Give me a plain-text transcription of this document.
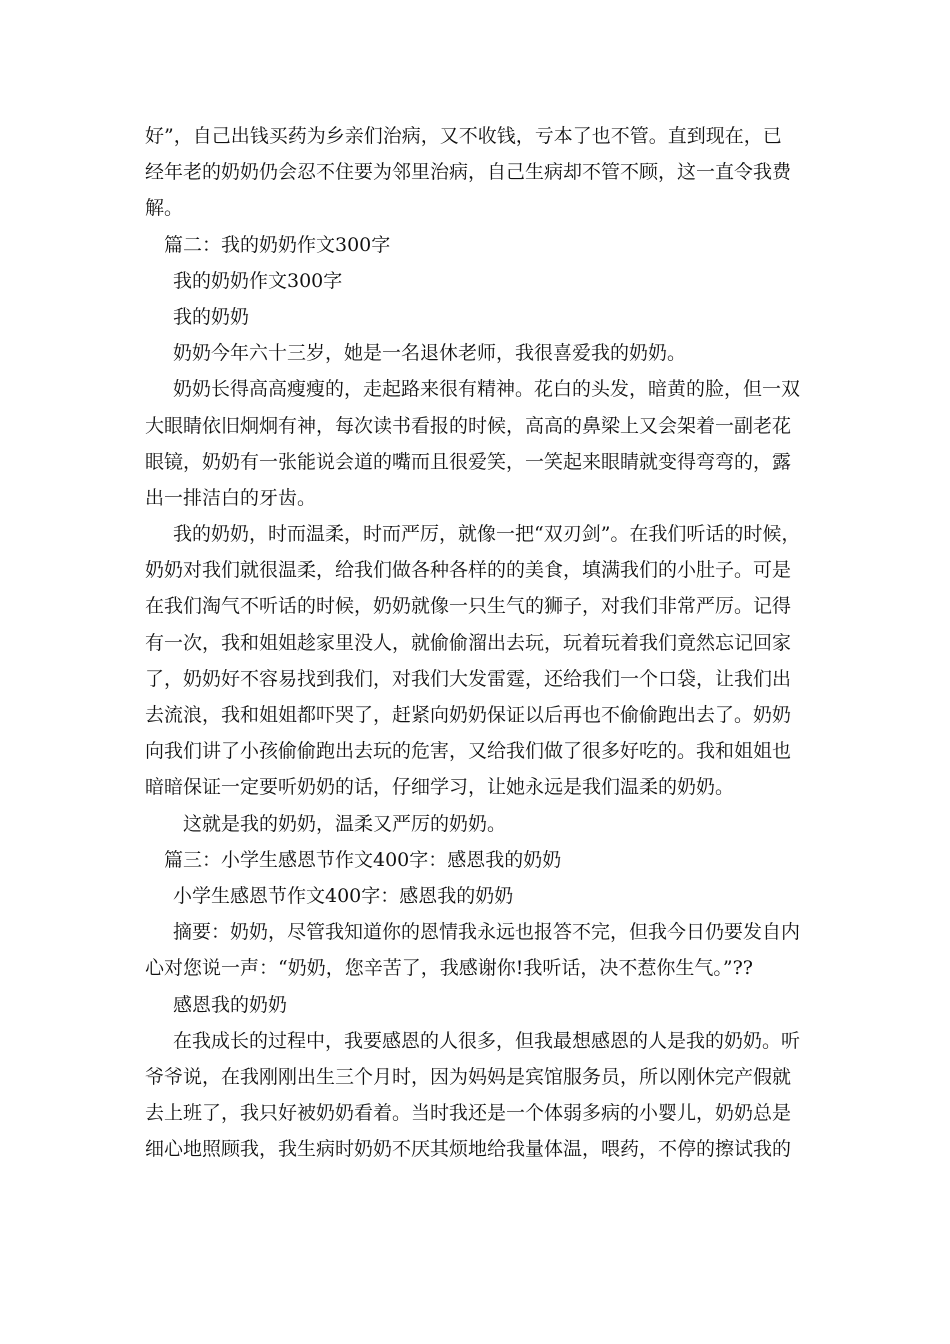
好”，自己出钱买药为乡亲们治病，又不收钱，亏本了也不管。直到现在，已
经年老的奶奶仍会忍不住要为邻里治病，自己生病却不管不顾，这一直令我费
解。
篇二：我的奶奶作文300字
我的奶奶作文300字
我的奶奶
奶奶今年六十三岁，她是一名退休老师，我很喜爱我的奶奶。
奶奶长得高高瘦瘦的，走起路来很有精神。花白的头发，暗黄的脸，但一双
大眼睛依旧炯炯有神，每次读书看报的时候，高高的鼻梁上又会架着一副老花
眼镜，奶奶有一张能说会道的嘴而且很爱笑，一笑起来眼睛就变得弯弯的，露
出一排洁白的牙齿。
我的奶奶，时而温柔，时而严厉，就像一把“双刃剑”。在我们听话的时候，
奶奶对我们就很温柔，给我们做各种各样的的美食，填满我们的小肚子。可是
在我们淘气不听话的时候，奶奶就像一只生气的狮子，对我们非常严厉。记得
有一次，我和姐姐趁家里没人，就偷偷溜出去玩，玩着玩着我们竟然忘记回家
了，奶奶好不容易找到我们，对我们大发雷霆，还给我们一个口袋，让我们出
去流浪，我和姐姐都吓哭了，赶紧向奶奶保证以后再也不偷偷跑出去了。奶奶
向我们讲了小孩偷偷跑出去玩的危害，又给我们做了很多好吃的。我和姐姐也
暗暗保证一定要听奶奶的话，仔细学习，让她永远是我们温柔的奶奶。
这就是我的奶奶，温柔又严厉的奶奶。
篇三：小学生感恩节作文400字：感恩我的奶奶
小学生感恩节作文400字：感恩我的奶奶
摘要：奶奶，尽管我知道你的恩情我永远也报答不完，但我今日仍要发自内
心对您说一声：“奶奶，您辛苦了，我感谢你!我听话，决不惹你生气。”??
感恩我的奶奶
在我成长的过程中，我要感恩的人很多，但我最想感恩的人是我的奶奶。听
爷爷说，在我刚刚出生三个月时，因为妈妈是宾馆服务员，所以刚休完产假就
去上班了，我只好被奶奶看着。当时我还是一个体弱多病的小婴儿，奶奶总是
细心地照顾我，我生病时奶奶不厌其烦地给我量体温，喂药，不停的擦试我的
